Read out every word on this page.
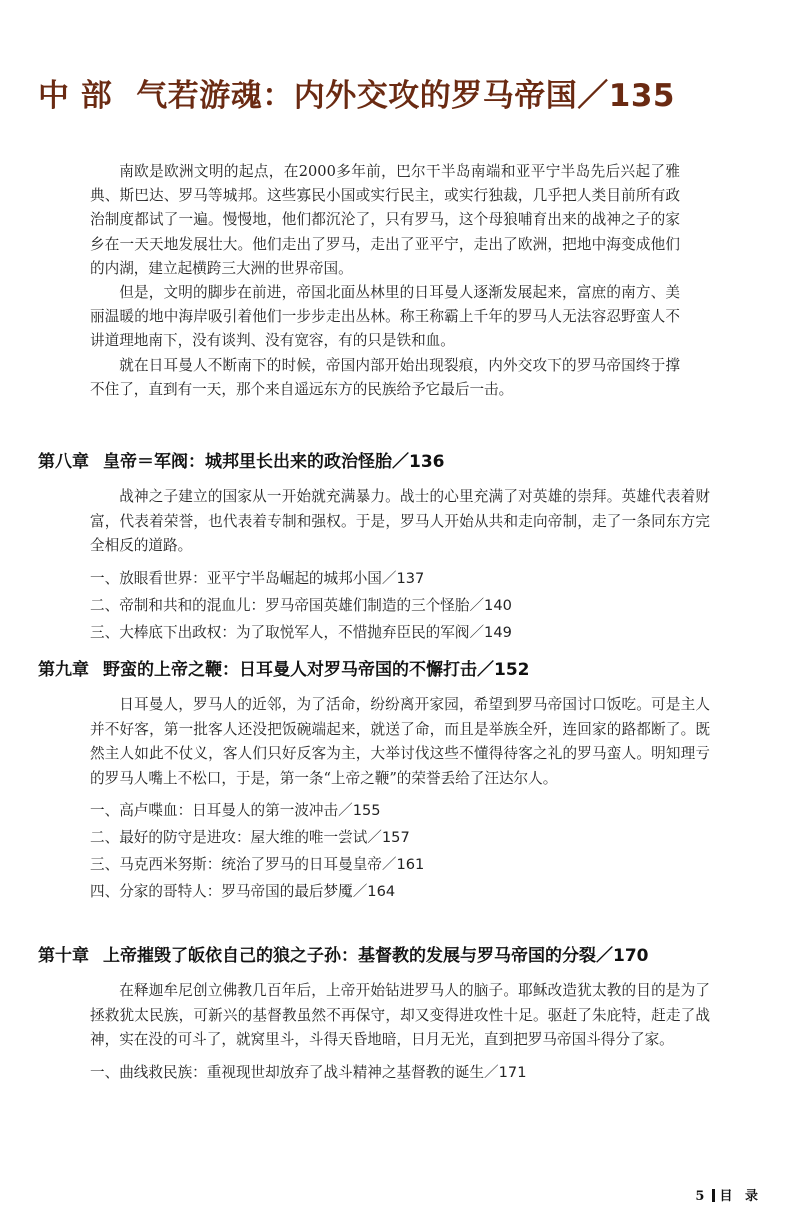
中 部 气若游魂：内外交攻的罗马帝国／135

南欧是欧洲文明的起点，在2000多年前，巴尔干半岛南端和亚平宁半岛先后兴起了雅典、斯巴达、罗马等城邦。这些寡民小国或实行民主，或实行独裁，几乎把人类目前所有政治制度都试了一遍。慢慢地，他们都沉沦了，只有罗马，这个母狼哺育出来的战神之子的家乡在一天天地发展壮大。他们走出了罗马，走出了亚平宁，走出了欧洲，把地中海变成他们的内湖，建立起横跨三大洲的世界帝国。

但是，文明的脚步在前进，帝国北面丛林里的日耳曼人逐渐发展起来，富庶的南方、美丽温暖的地中海岸吸引着他们一步步走出丛林。称王称霸上千年的罗马人无法容忍野蛮人不讲道理地南下，没有谈判、没有宽容，有的只是铁和血。

就在日耳曼人不断南下的时候，帝国内部开始出现裂痕，内外交攻下的罗马帝国终于撑不住了，直到有一天，那个来自遥远东方的民族给予它最后一击。

第八章 皇帝＝军阀：城邦里长出来的政治怪胎／136
战神之子建立的国家从一开始就充满暴力。战士的心里充满了对英雄的崇拜。英雄代表着财富，代表着荣誉，也代表着专制和强权。于是，罗马人开始从共和走向帝制，走了一条同东方完全相反的道路。
一、放眼看世界：亚平宁半岛崛起的城邦小国／137
二、帝制和共和的混血儿：罗马帝国英雄们制造的三个怪胎／140
三、大棒底下出政权：为了取悦军人，不惜抛弃臣民的军阀／149
第九章 野蛮的上帝之鞭：日耳曼人对罗马帝国的不懈打击／152
日耳曼人，罗马人的近邻，为了活命，纷纷离开家园，希望到罗马帝国讨口饭吃。可是主人并不好客，第一批客人还没把饭碗端起来，就送了命，而且是举族全歼，连回家的路都断了。既然主人如此不仗义，客人们只好反客为主，大举讨伐这些不懂得待客之礼的罗马蛮人。明知理亏的罗马人嘴上不松口，于是，第一条“上帝之鞭”的荣誉丢给了汪达尔人。
一、高卢喋血：日耳曼人的第一波冲击／155
二、最好的防守是进攻：屋大维的唯一尝试／157
三、马克西米努斯：统治了罗马的日耳曼皇帝／161
四、分家的哥特人：罗马帝国的最后梦魇／164
第十章 上帝摧毁了皈依自己的狼之子孙：基督教的发展与罗马帝国的分裂／170
在释迦牟尼创立佛教几百年后，上帝开始钻进罗马人的脑子。耶稣改造犹太教的目的是为了拯救犹太民族，可新兴的基督教虽然不再保守，却又变得进攻性十足。驱赶了朱庇特，赶走了战神，实在没的可斗了，就窝里斗，斗得天昏地暗，日月无光，直到把罗马帝国斗得分了家。
一、曲线救民族：重视现世却放弃了战斗精神之基督教的诞生／171
5 目 录
